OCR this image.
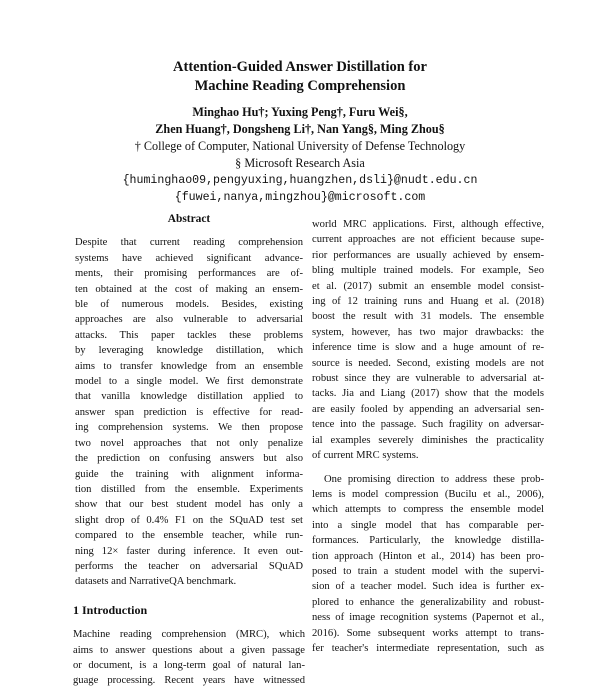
Attention-Guided Answer Distillation for
Machine Reading Comprehension
Minghao Hu†; Yuxing Peng†, Furu Wei§,
Zhen Huang†, Dongsheng Li†, Nan Yang§, Ming Zhou§
† College of Computer, National University of Defense Technology
§ Microsoft Research Asia
{huminghao09,pengyuxing,huangzhen,dsli}@nudt.edu.cn
{fuwei,nanya,mingzhou}@microsoft.com
Abstract
Despite that current reading comprehension
systems have achieved significant advance-
ments, their promising performances are of-
ten obtained at the cost of making an ensem-
ble of numerous models. Besides, existing
approaches are also vulnerable to adversarial
attacks. This paper tackles these problems
by leveraging knowledge distillation, which
aims to transfer knowledge from an ensemble
model to a single model. We first demonstrate
that vanilla knowledge distillation applied to
answer span prediction is effective for read-
ing comprehension systems. We then propose
two novel approaches that not only penalize
the prediction on confusing answers but also
guide the training with alignment informa-
tion distilled from the ensemble. Experiments
show that our best student model has only a
slight drop of 0.4% F1 on the SQuAD test set
compared to the ensemble teacher, while run-
ning 12× faster during inference. It even out-
performs the teacher on adversarial SQuAD
datasets and NarrativeQA benchmark.
1 Introduction
Machine reading comprehension (MRC), which
aims to answer questions about a given passage
or document, is a long-term goal of natural lan-
guage processing. Recent years have witnessed
world MRC applications. First, although effective,
current approaches are not efficient because supe-
rior performances are usually achieved by ensem-
bling multiple trained models. For example, Seo
et al. (2017) submit an ensemble model consist-
ing of 12 training runs and Huang et al. (2018)
boost the result with 31 models. The ensemble
system, however, has two major drawbacks: the
inference time is slow and a huge amount of re-
source is needed. Second, existing models are not
robust since they are vulnerable to adversarial at-
tacks. Jia and Liang (2017) show that the models
are easily fooled by appending an adversarial sen-
tence into the passage. Such fragility on adversar-
ial examples severely diminishes the practicality
of current MRC systems.
One promising direction to address these prob-
lems is model compression (Bucilu et al., 2006),
which attempts to compress the ensemble model
into a single model that has comparable per-
formances. Particularly, the knowledge distilla-
tion approach (Hinton et al., 2014) has been pro-
posed to train a student model with the supervi-
sion of a teacher model. Such idea is further ex-
plored to enhance the generalizability and robust-
ness of image recognition systems (Papernot et al.,
2016). Some subsequent works attempt to trans-
fer teacher's intermediate representation, such as
